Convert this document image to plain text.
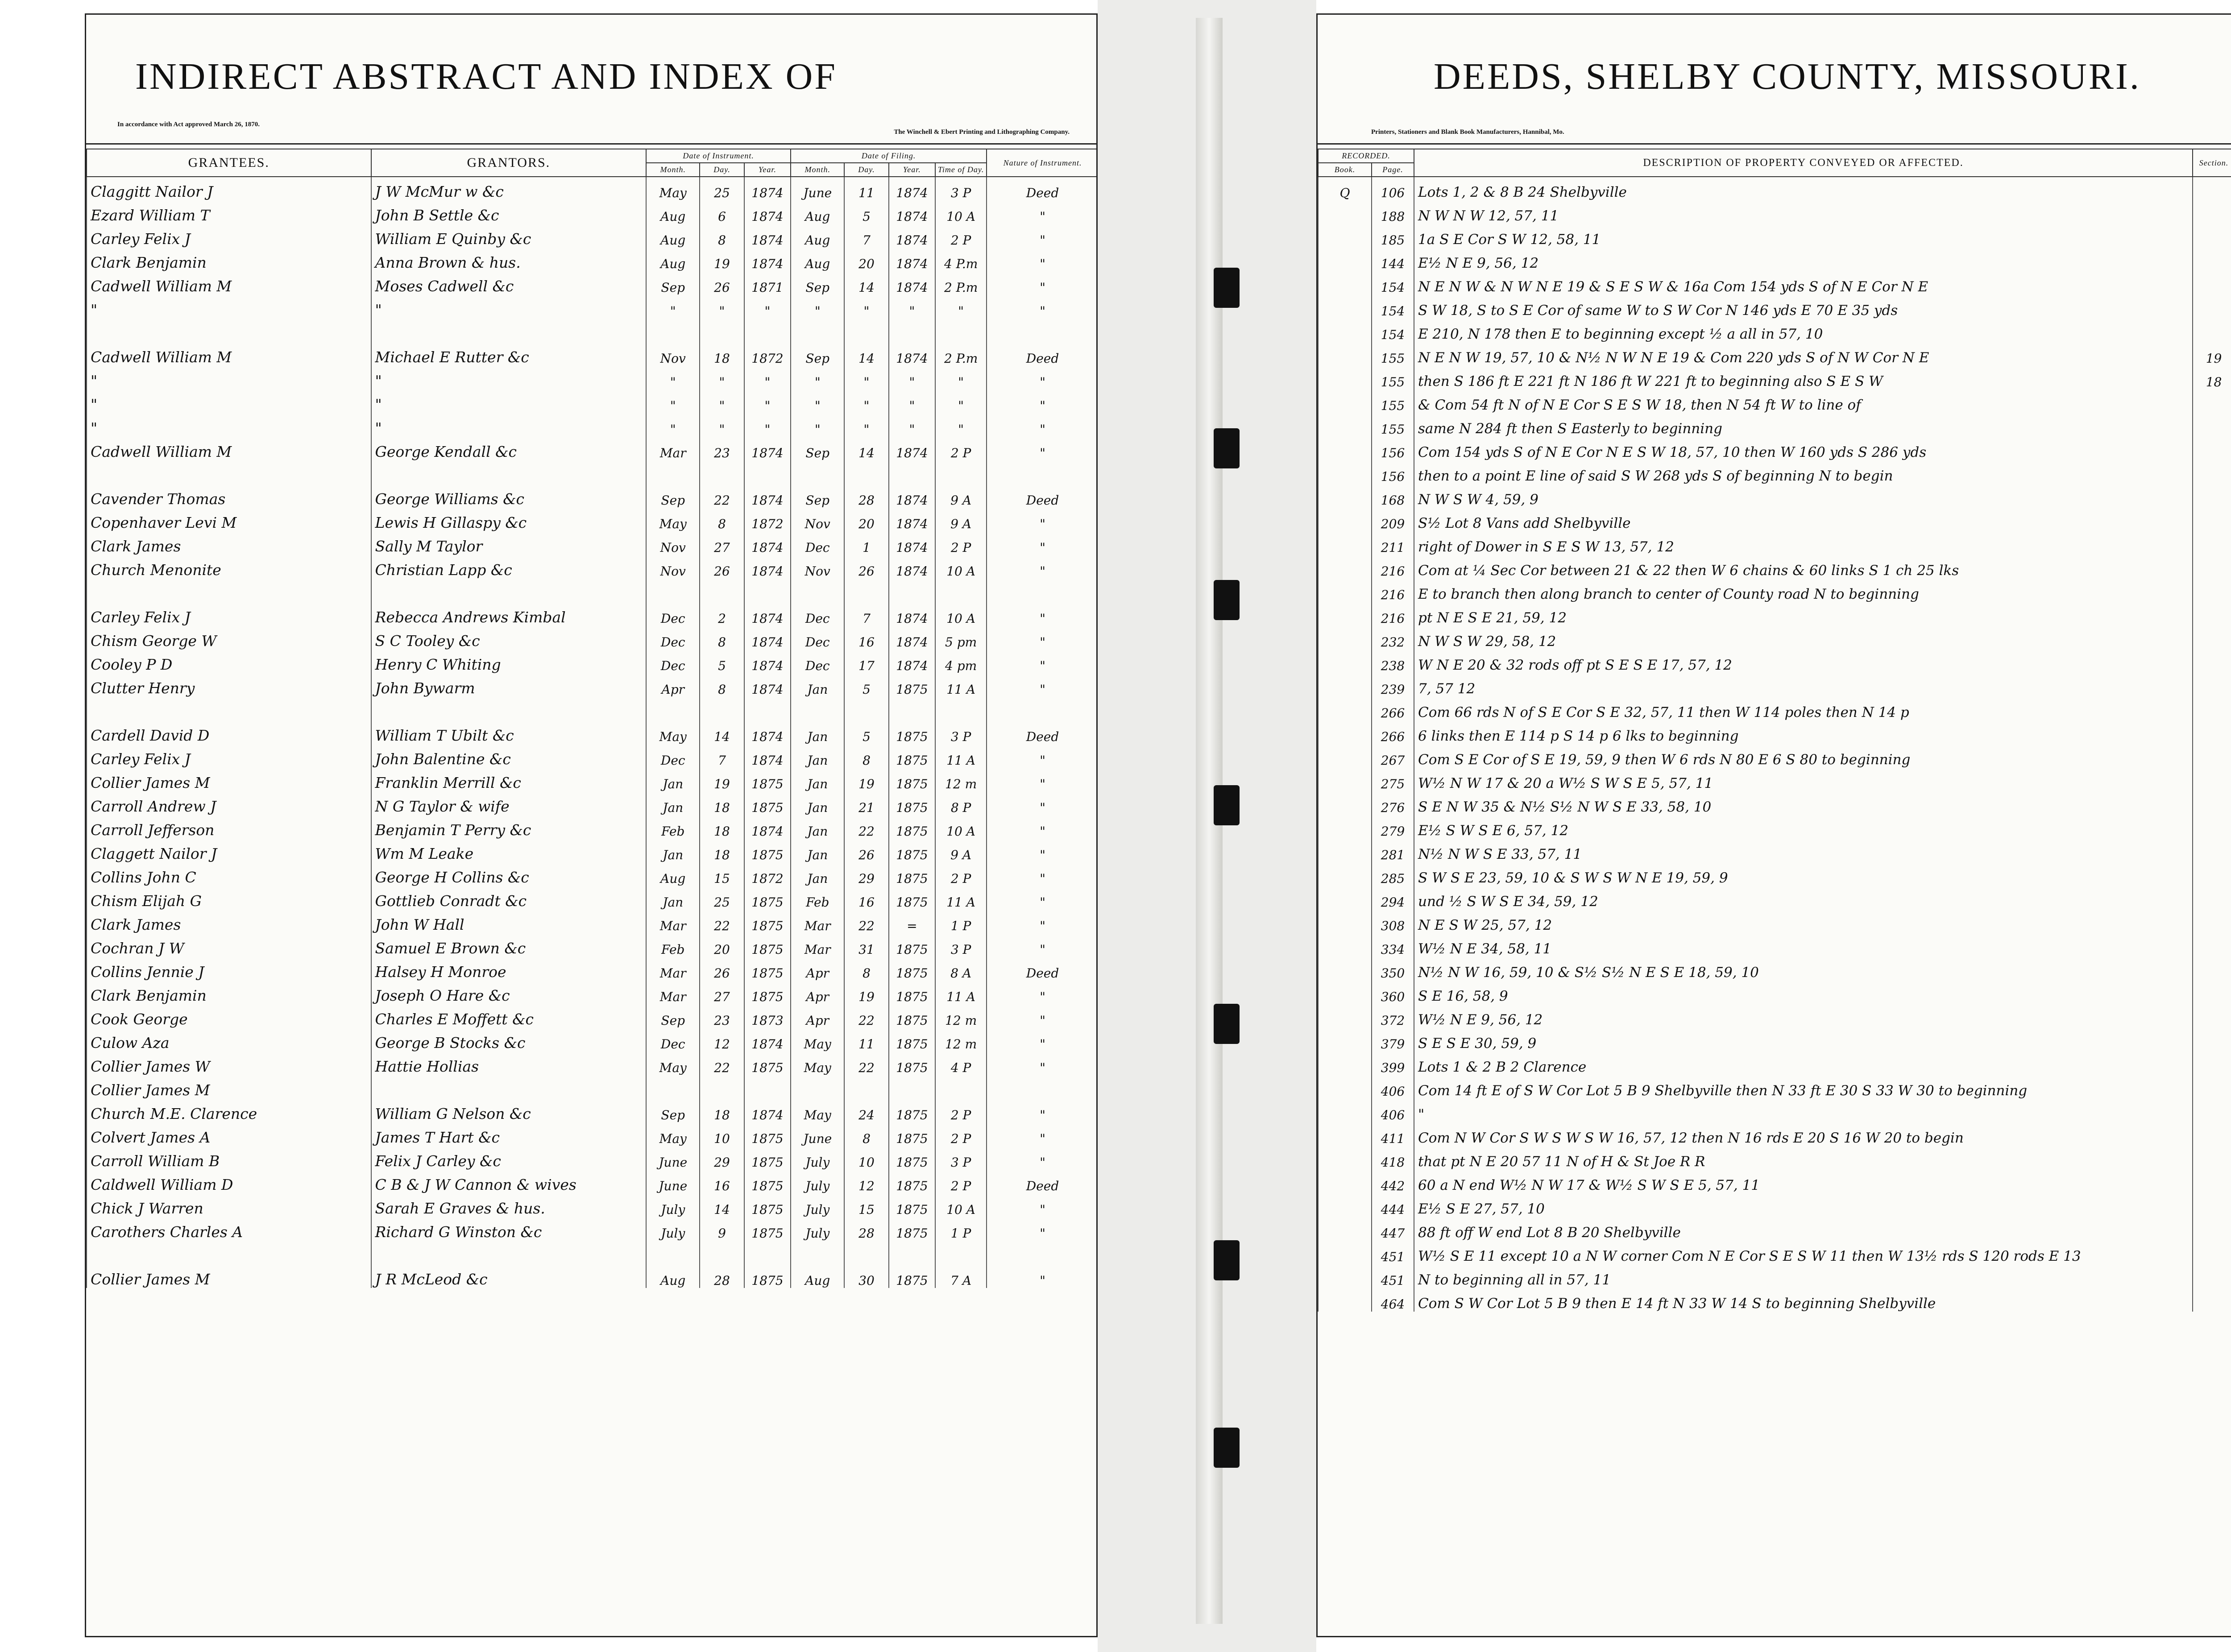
INDIRECT ABSTRACT AND INDEX OF
In accordance with Act approved March 26, 1870.
The Winchell & Ebert Printing and Lithographing Company.
GRANTEES.	GRANTORS.	Date of Instrument.			Date of Filing.				Nature of Instrument.
		Month.	Day.	Year.	Month.	Day.	Year.	Time of Day.	
Claggitt Nailor J	J W McMur w &c	May	25	1874	June	11	1874	3 P	Deed
Ezard William T	John B Settle &c	Aug	6	1874	Aug	5	1874	10 A	"
Carley Felix J	William E Quinby &c	Aug	8	1874	Aug	7	1874	2 P	"
Clark Benjamin	Anna Brown & hus.	Aug	19	1874	Aug	20	1874	4 P.m	"
Cadwell William M	Moses Cadwell &c	Sep	26	1871	Sep	14	1874	2 P.m	"
"	"	"	"	"	"	"	"	"	"

Cadwell William M	Michael E Rutter &c	Nov	18	1872	Sep	14	1874	2 P.m	Deed
"	"	"	"	"	"	"	"	"	"
"	"	"	"	"	"	"	"	"	"
"	"	"	"	"	"	"	"	"	"
Cadwell William M	George Kendall &c	Mar	23	1874	Sep	14	1874	2 P	"

Cavender Thomas	George Williams &c	Sep	22	1874	Sep	28	1874	9 A	Deed
Copenhaver Levi M	Lewis H Gillaspy &c	May	8	1872	Nov	20	1874	9 A	"
Clark James	Sally M Taylor	Nov	27	1874	Dec	1	1874	2 P	"
Church Menonite	Christian Lapp &c	Nov	26	1874	Nov	26	1874	10 A	"

Carley Felix J	Rebecca Andrews Kimbal	Dec	2	1874	Dec	7	1874	10 A	"
Chism George W	S C Tooley &c	Dec	8	1874	Dec	16	1874	5 pm	"
Cooley P D	Henry C Whiting	Dec	5	1874	Dec	17	1874	4 pm	"
Clutter Henry	John Bywarm	Apr	8	1874	Jan	5	1875	11 A	"

Cardell David D	William T Ubilt &c	May	14	1874	Jan	5	1875	3 P	Deed
Carley Felix J	John Balentine &c	Dec	7	1874	Jan	8	1875	11 A	"
Collier James M	Franklin Merrill &c	Jan	19	1875	Jan	19	1875	12 m	"
Carroll Andrew J	N G Taylor & wife	Jan	18	1875	Jan	21	1875	8 P	"
Carroll Jefferson	Benjamin T Perry &c	Feb	18	1874	Jan	22	1875	10 A	"
Claggett Nailor J	Wm M Leake	Jan	18	1875	Jan	26	1875	9 A	"
Collins John C	George H Collins &c	Aug	15	1872	Jan	29	1875	2 P	"
Chism Elijah G	Gottlieb Conradt &c	Jan	25	1875	Feb	16	1875	11 A	"
Clark James	John W Hall	Mar	22	1875	Mar	22	=	1 P	"
Cochran J W	Samuel E Brown &c	Feb	20	1875	Mar	31	1875	3 P	"
Collins Jennie J	Halsey H Monroe	Mar	26	1875	Apr	8	1875	8 A	Deed
Clark Benjamin	Joseph O Hare &c	Mar	27	1875	Apr	19	1875	11 A	"
Cook George	Charles E Moffett &c	Sep	23	1873	Apr	22	1875	12 m	"
Culow Aza	George B Stocks &c	Dec	12	1874	May	11	1875	12 m	"
Collier James W	Hattie Hollias	May	22	1875	May	22	1875	4 P	"
Collier James M									
Church M.E. Clarence	William G Nelson &c	Sep	18	1874	May	24	1875	2 P	"
Colvert James A	James T Hart &c	May	10	1875	June	8	1875	2 P	"
Carroll William B	Felix J Carley &c	June	29	1875	July	10	1875	3 P	"
Caldwell William D	C B & J W Cannon & wives	June	16	1875	July	12	1875	2 P	Deed
Chick J Warren	Sarah E Graves & hus.	July	14	1875	July	15	1875	10 A	"
Carothers Charles A	Richard G Winston &c	July	9	1875	July	28	1875	1 P	"

Collier James M	J R McLeod &c	Aug	28	1875	Aug	30	1875	7 A	"
DEEDS, SHELBY COUNTY, MISSOURI.
Printers, Stationers and Blank Book Manufacturers, Hannibal, Mo.
RECORDED.		DESCRIPTION OF PROPERTY CONVEYED OR AFFECTED.	Section.		
Book.	Page.				
Q	106	Lots 1, 2 & 8 B 24 Shelbyville			
	188	N W N W 12, 57, 11			
	185	1a S E Cor S W 12, 58, 11			
	144	E½ N E 9, 56, 12			
	154	N E N W & N W N E 19 & S E S W & 16a Com 154 yds S of N E Cor N E			
	154	S W 18, S to S E Cor of same W to S W Cor N 146 yds E 70 E 35 yds			
	154	E 210, N 178 then E to beginning except ½ a all in 57, 10			
	155	N E N W 19, 57, 10 & N½ N W N E 19 & Com 220 yds S of N W Cor N E	19		
	155	then S 186 ft E 221 ft N 186 ft W 221 ft to beginning also S E S W	18		
	155	& Com 54 ft N of N E Cor S E S W 18, then N 54 ft W to line of			
	155	same N 284 ft then S Easterly to beginning			
	156	Com 154 yds S of N E Cor N E S W 18, 57, 10 then W 160 yds S 286 yds			
	156	then to a point E line of said S W 268 yds S of beginning N to begin			
	168	N W S W 4, 59, 9			
	209	S½ Lot 8 Vans add Shelbyville			
	211	right of Dower in S E S W 13, 57, 12			
	216	Com at ¼ Sec Cor between 21 & 22 then W 6 chains & 60 links S 1 ch 25 lks			
	216	E to branch then along branch to center of County road N to beginning			
	216	pt N E S E 21, 59, 12			
	232	N W S W 29, 58, 12			
	238	W N E 20 & 32 rods off pt S E S E 17, 57, 12			
	239	7, 57 12			
	266	Com 66 rds N of S E Cor S E 32, 57, 11 then W 114 poles then N 14 p			
	266	6 links then E 114 p S 14 p 6 lks to beginning			
	267	Com S E Cor of S E 19, 59, 9 then W 6 rds N 80 E 6 S 80 to beginning			
	275	W½ N W 17 & 20 a W½ S W S E 5, 57, 11			
	276	S E N W 35 & N½ S½ N W S E 33, 58, 10			
	279	E½ S W S E 6, 57, 12			
	281	N½ N W S E 33, 57, 11			
	285	S W S E 23, 59, 10 & S W S W N E 19, 59, 9			
	294	und ½ S W S E 34, 59, 12			
	308	N E S W 25, 57, 12			
	334	W½ N E 34, 58, 11			
	350	N½ N W 16, 59, 10 & S½ S½ N E S E 18, 59, 10			
	360	S E 16, 58, 9			
	372	W½ N E 9, 56, 12			
	379	S E S E 30, 59, 9			
	399	Lots 1 & 2 B 2 Clarence			
	406	Com 14 ft E of S W Cor Lot 5 B 9 Shelbyville then N 33 ft E 30 S 33 W 30 to beginning			
	406	"			
	411	Com N W Cor S W S W S W 16, 57, 12 then N 16 rds E 20 S 16 W 20 to begin			
	418	that pt N E 20 57 11 N of H & St Joe R R			
	442	60 a N end W½ N W 17 & W½ S W S E 5, 57, 11			
	444	E½ S E 27, 57, 10			
	447	88 ft off W end Lot 8 B 20 Shelbyville			
	451	W½ S E 11 except 10 a N W corner Com N E Cor S E S W 11 then W 13½ rds S 120 rods E 13			
	451	N to beginning all in 57, 11			
	464	Com S W Cor Lot 5 B 9 then E 14 ft N 33 W 14 S to beginning Shelbyville			
